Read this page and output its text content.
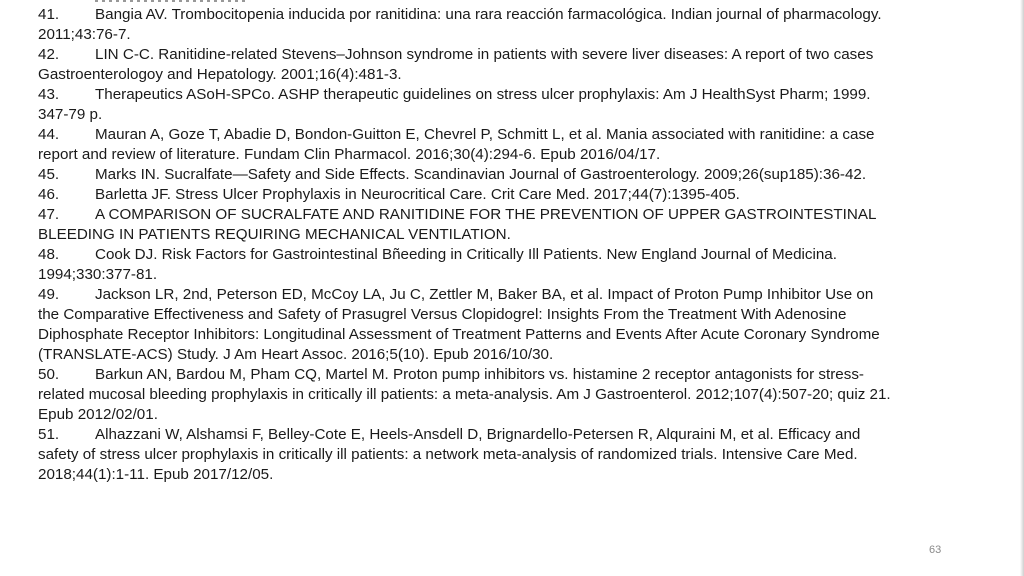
41. Bangia AV. Trombocitopenia inducida por ranitidina: una rara reacción farmacológica. Indian journal of pharmacology. 2011;43:76-7.
42. LIN C-C. Ranitidine-related Stevens–Johnson syndrome in patients with severe liver diseases: A report of two cases Gastroenterologoy and Hepatology. 2001;16(4):481-3.
43. Therapeutics ASoH-SPCo. ASHP therapeutic guidelines on stress ulcer prophylaxis: Am J HealthSyst Pharm; 1999. 347-79 p.
44. Mauran A, Goze T, Abadie D, Bondon-Guitton E, Chevrel P, Schmitt L, et al. Mania associated with ranitidine: a case report and review of literature. Fundam Clin Pharmacol. 2016;30(4):294-6. Epub 2016/04/17.
45. Marks IN. Sucralfate—Safety and Side Effects. Scandinavian Journal of Gastroenterology. 2009;26(sup185):36-42.
46. Barletta JF. Stress Ulcer Prophylaxis in Neurocritical Care. Crit Care Med. 2017;44(7):1395-405.
47. A COMPARISON OF SUCRALFATE AND RANITIDINE FOR THE PREVENTION OF UPPER GASTROINTESTINAL BLEEDING IN PATIENTS REQUIRING MECHANICAL VENTILATION.
48. Cook DJ. Risk Factors for Gastrointestinal Bñeeding in Critically Ill Patients. New England Journal of Medicina. 1994;330:377-81.
49. Jackson LR, 2nd, Peterson ED, McCoy LA, Ju C, Zettler M, Baker BA, et al. Impact of Proton Pump Inhibitor Use on the Comparative Effectiveness and Safety of Prasugrel Versus Clopidogrel: Insights From the Treatment With Adenosine Diphosphate Receptor Inhibitors: Longitudinal Assessment of Treatment Patterns and Events After Acute Coronary Syndrome (TRANSLATE-ACS) Study. J Am Heart Assoc. 2016;5(10). Epub 2016/10/30.
50. Barkun AN, Bardou M, Pham CQ, Martel M. Proton pump inhibitors vs. histamine 2 receptor antagonists for stress-related mucosal bleeding prophylaxis in critically ill patients: a meta-analysis. Am J Gastroenterol. 2012;107(4):507-20; quiz 21. Epub 2012/02/01.
51. Alhazzani W, Alshamsi F, Belley-Cote E, Heels-Ansdell D, Brignardello-Petersen R, Alquraini M, et al. Efficacy and safety of stress ulcer prophylaxis in critically ill patients: a network meta-analysis of randomized trials. Intensive Care Med. 2018;44(1):1-11. Epub 2017/12/05.
63
